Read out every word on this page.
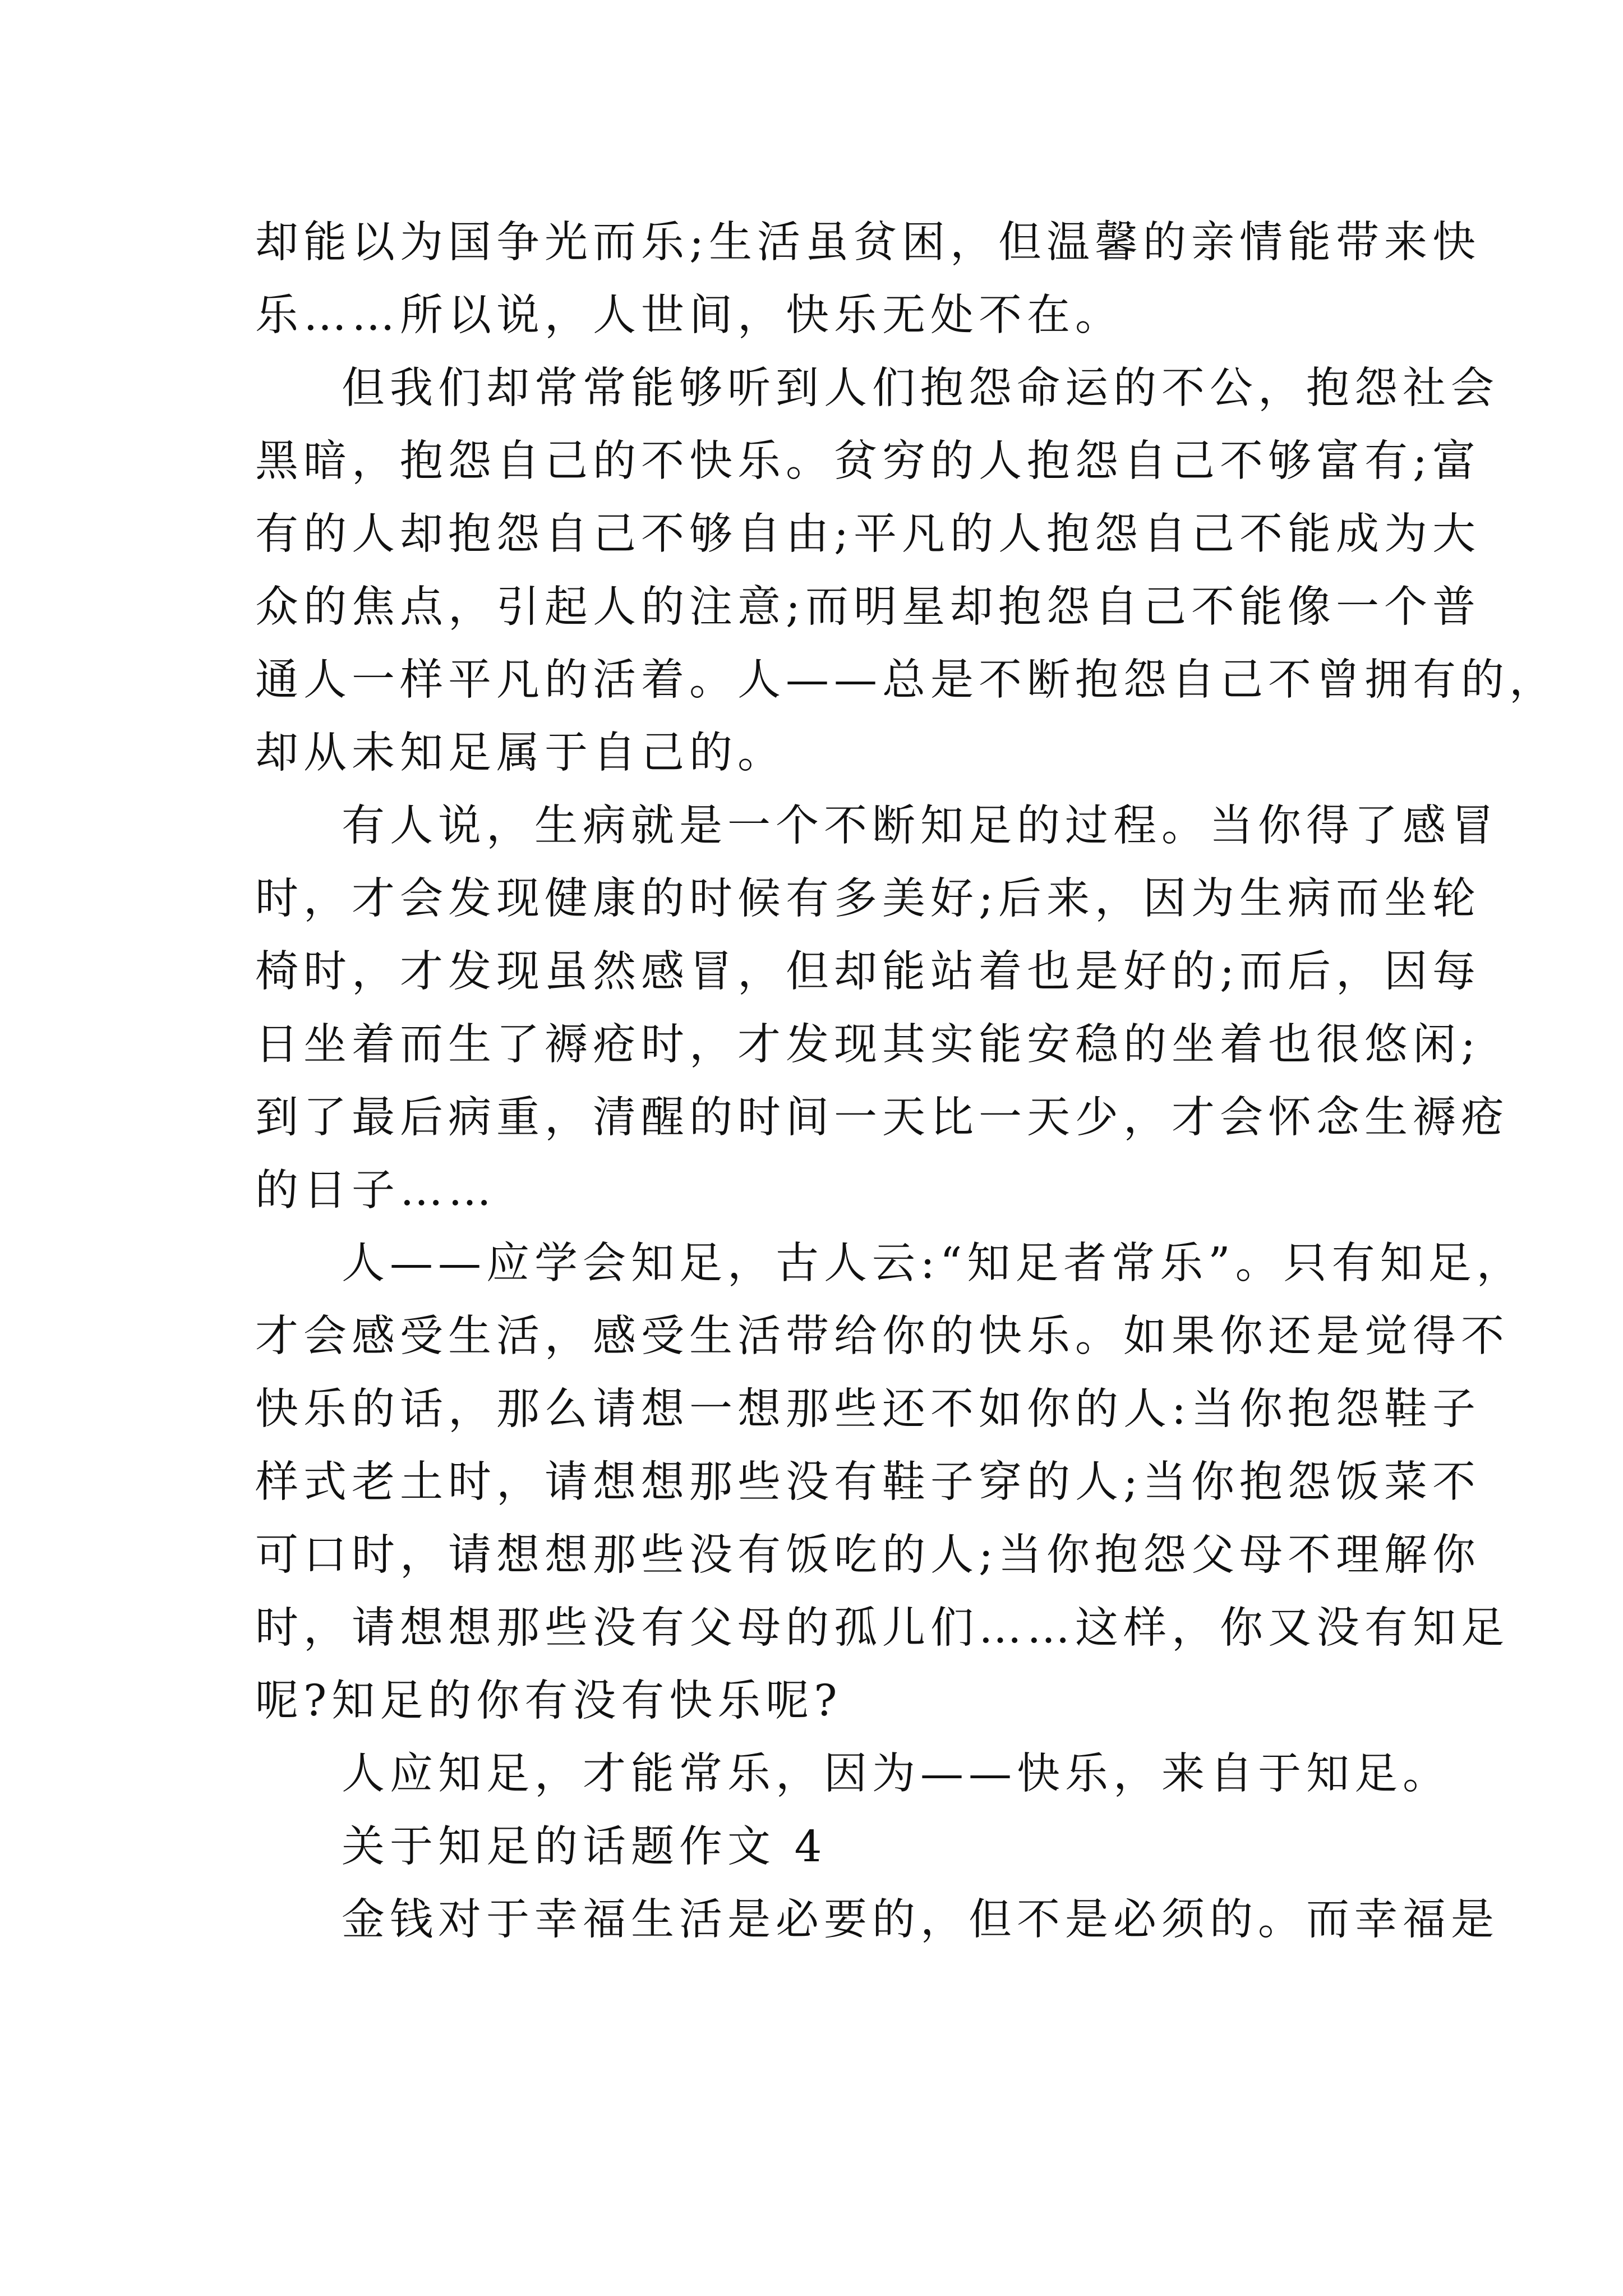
却能以为国争光而乐;生活虽贫困，但温馨的亲情能带来快
乐……所以说，人世间，快乐无处不在。
但我们却常常能够听到人们抱怨命运的不公，抱怨社会
黑暗，抱怨自己的不快乐。贫穷的人抱怨自己不够富有;富
有的人却抱怨自己不够自由;平凡的人抱怨自己不能成为大
众的焦点，引起人的注意;而明星却抱怨自己不能像一个普
通人一样平凡的活着。人——总是不断抱怨自己不曾拥有的，
却从未知足属于自己的。
有人说，生病就是一个不断知足的过程。当你得了感冒
时，才会发现健康的时候有多美好;后来，因为生病而坐轮
椅时，才发现虽然感冒，但却能站着也是好的;而后，因每
日坐着而生了褥疮时，才发现其实能安稳的坐着也很悠闲;
到了最后病重，清醒的时间一天比一天少，才会怀念生褥疮
的日子……
人——应学会知足，古人云:“知足者常乐”。只有知足，
才会感受生活，感受生活带给你的快乐。如果你还是觉得不
快乐的话，那么请想一想那些还不如你的人:当你抱怨鞋子
样式老土时，请想想那些没有鞋子穿的人;当你抱怨饭菜不
可口时，请想想那些没有饭吃的人;当你抱怨父母不理解你
时，请想想那些没有父母的孤儿们……这样，你又没有知足
呢?知足的你有没有快乐呢?
人应知足，才能常乐，因为——快乐，来自于知足。
关于知足的话题作文 4
金钱对于幸福生活是必要的，但不是必须的。而幸福是
